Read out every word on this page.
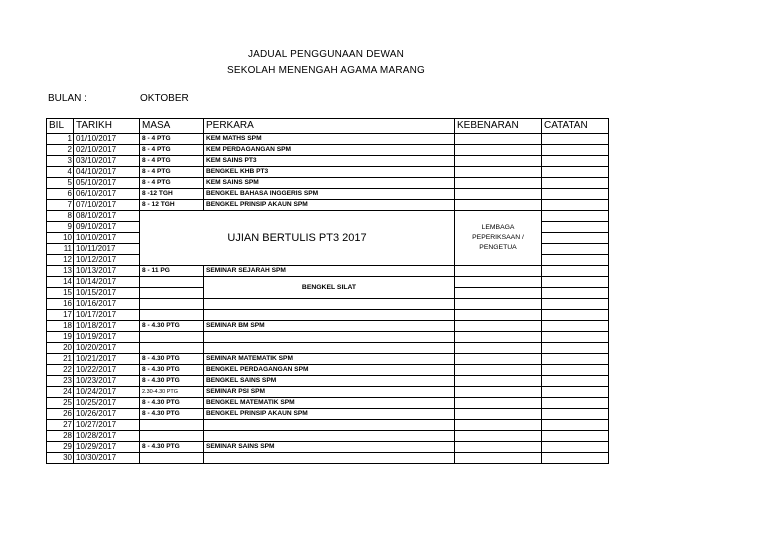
JADUAL PENGGUNAAN DEWAN
SEKOLAH MENENGAH AGAMA MARANG
BULAN :	OKTOBER
BIL	TARIKH	MASA	PERKARA	KEBENARAN	CATATAN
1	01/10/2017	8 - 4 PTG	KEM MATHS SPM		
2	02/10/2017	8 - 4 PTG	KEM PERDAGANGAN SPM		
3	03/10/2017	8 - 4 PTG	KEM SAINS PT3		
4	04/10/2017	8 - 4 PTG	BENGKEL KHB PT3		
5	05/10/2017	8 - 4 PTG	KEM SAINS SPM		
6	06/10/2017	8 -12 TGH	BENGKEL BAHASA INGGERIS SPM		
7	07/10/2017	8 - 12 TGH	BENGKEL PRINSIP AKAUN SPM		
8	08/10/2017	UJIAN BERTULIS PT3 2017		LEMBAGA PEPERIKSAAN / PENGETUA	
9	09/10/2017				
10	10/10/2017				
11	10/11/2017				
12	10/12/2017				
13	10/13/2017	8 - 11 PG	SEMINAR SEJARAH SPM		
14	10/14/2017		BENGKEL SILAT		
15	10/15/2017				
16	10/16/2017				
17	10/17/2017				
18	10/18/2017	8 - 4.30 PTG	SEMINAR BM SPM		
19	10/19/2017				
20	10/20/2017				
21	10/21/2017	8 - 4.30 PTG	SEMINAR MATEMATIK SPM		
22	10/22/2017	8 - 4.30 PTG	BENGKEL PERDAGANGAN SPM		
23	10/23/2017	8 - 4.30 PTG	BENGKEL SAINS SPM		
24	10/24/2017	2.30-4.30 PTG	SEMINAR PSI SPM		
25	10/25/2017	8 - 4.30 PTG	BENGKEL MATEMATIK SPM		
26	10/26/2017	8 - 4.30 PTG	BENGKEL PRINSIP AKAUN SPM		
27	10/27/2017				
28	10/28/2017				
29	10/29/2017	8 - 4.30 PTG	SEMINAR SAINS SPM		
30	10/30/2017				
